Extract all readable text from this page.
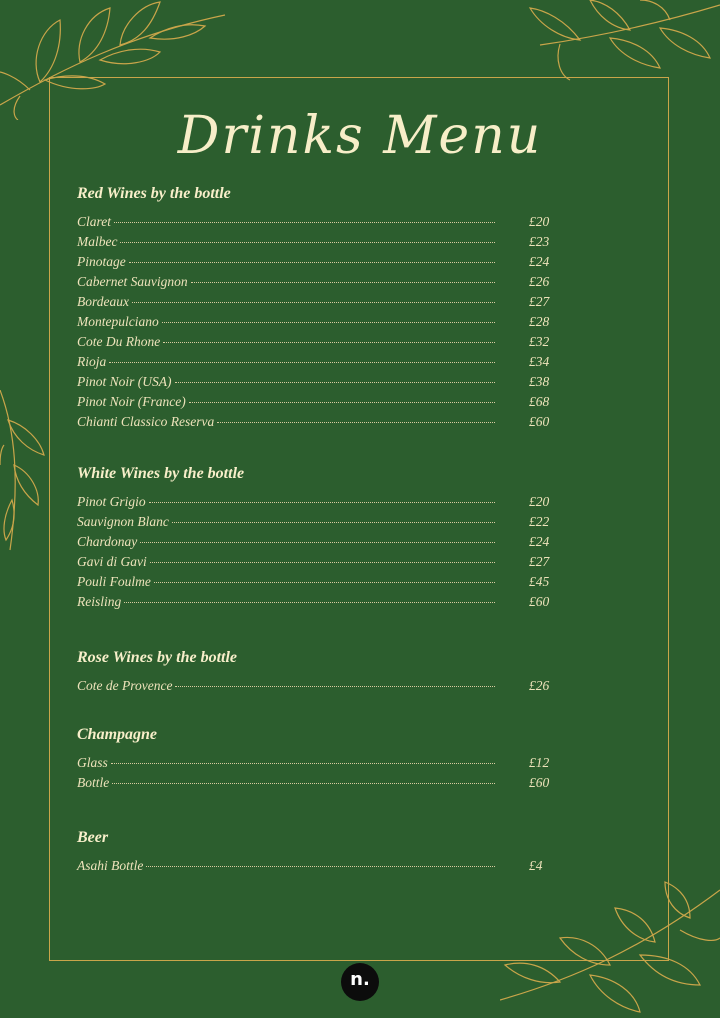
Drinks Menu
Red Wines by the bottle
Claret	£20
Malbec	£23
Pinotage	£24
Cabernet Sauvignon	£26
Bordeaux	£27
Montepulciano	£28
Cote Du Rhone	£32
Rioja	£34
Pinot Noir (USA)	£38
Pinot Noir (France)	£68
Chianti Classico Reserva	£60
White Wines by the bottle
Pinot Grigio	£20
Sauvignon Blanc	£22
Chardonay	£24
Gavi di Gavi	£27
Pouli Foulme	£45
Reisling	£60
Rose Wines by the bottle
Cote de Provence	£26
Champagne
Glass	£12
Bottle	£60
Beer
Asahi Bottle	£4
n.
